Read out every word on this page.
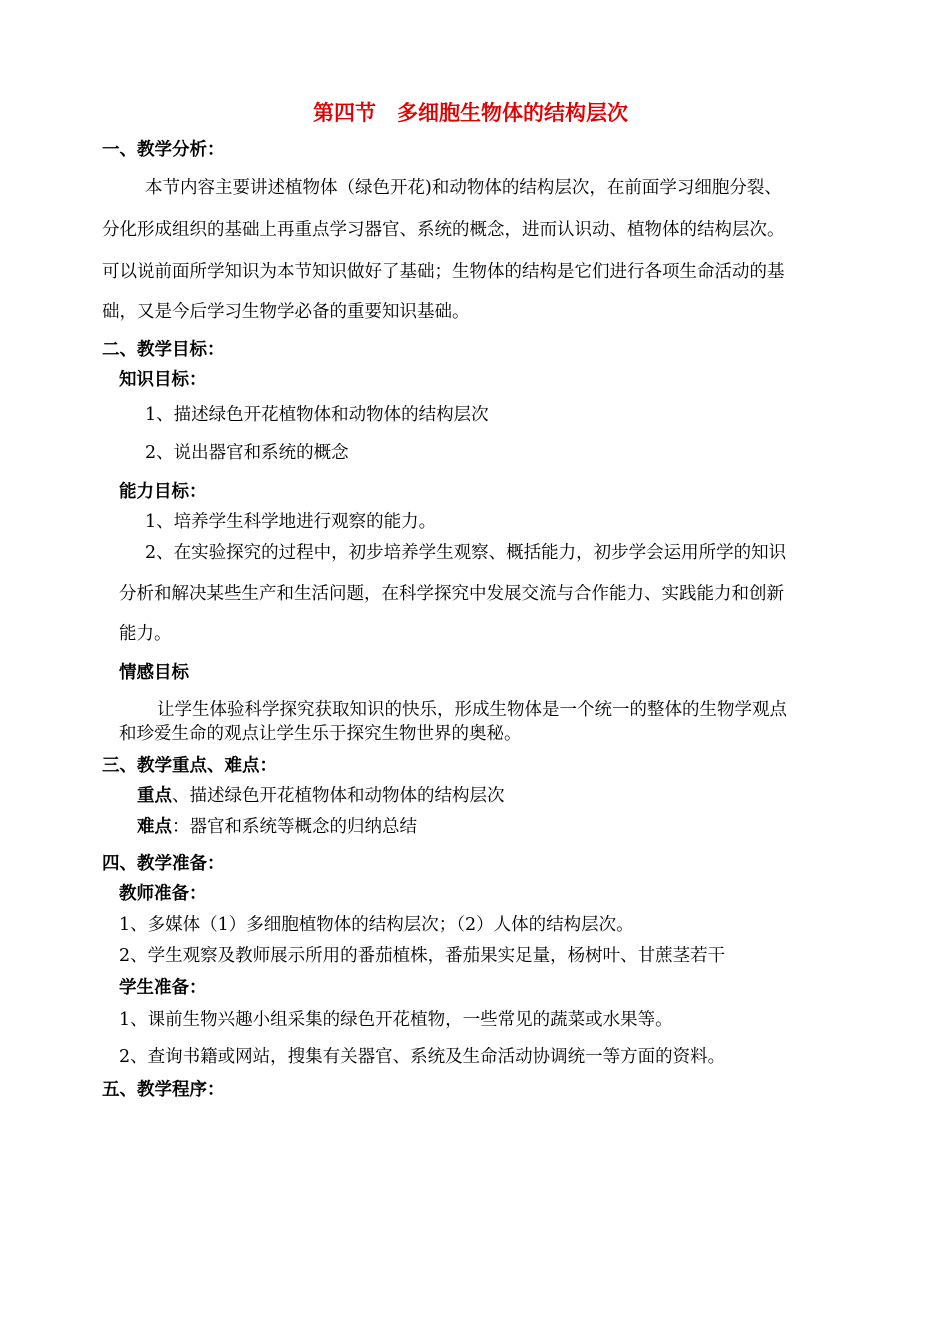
第四节　多细胞生物体的结构层次
一、教学分析：
本节内容主要讲述植物体（绿色开花)和动物体的结构层次，在前面学习细胞分裂、
分化形成组织的基础上再重点学习器官、系统的概念，进而认识动、植物体的结构层次。
可以说前面所学知识为本节知识做好了基础；生物体的结构是它们进行各项生命活动的基
础，又是今后学习生物学必备的重要知识基础。
二、教学目标：
知识目标：
1、描述绿色开花植物体和动物体的结构层次
2、说出器官和系统的概念
能力目标：
1、培养学生科学地进行观察的能力。
2、在实验探究的过程中，初步培养学生观察、概括能力，初步学会运用所学的知识
分析和解决某些生产和生活问题，在科学探究中发展交流与合作能力、实践能力和创新
能力。
情感目标
让学生体验科学探究获取知识的快乐，形成生物体是一个统一的整体的生物学观点
和珍爱生命的观点让学生乐于探究生物世界的奥秘。
三、教学重点、难点：
重点、描述绿色开花植物体和动物体的结构层次
难点：器官和系统等概念的归纳总结
四、教学准备：
教师准备：
1、多媒体（1）多细胞植物体的结构层次；（2）人体的结构层次。
2、学生观察及教师展示所用的番茄植株，番茄果实足量，杨树叶、甘蔗茎若干
学生准备：
1、课前生物兴趣小组采集的绿色开花植物，一些常见的蔬菜或水果等。
2、查询书籍或网站，搜集有关器官、系统及生命活动协调统一等方面的资料。
五、教学程序：
